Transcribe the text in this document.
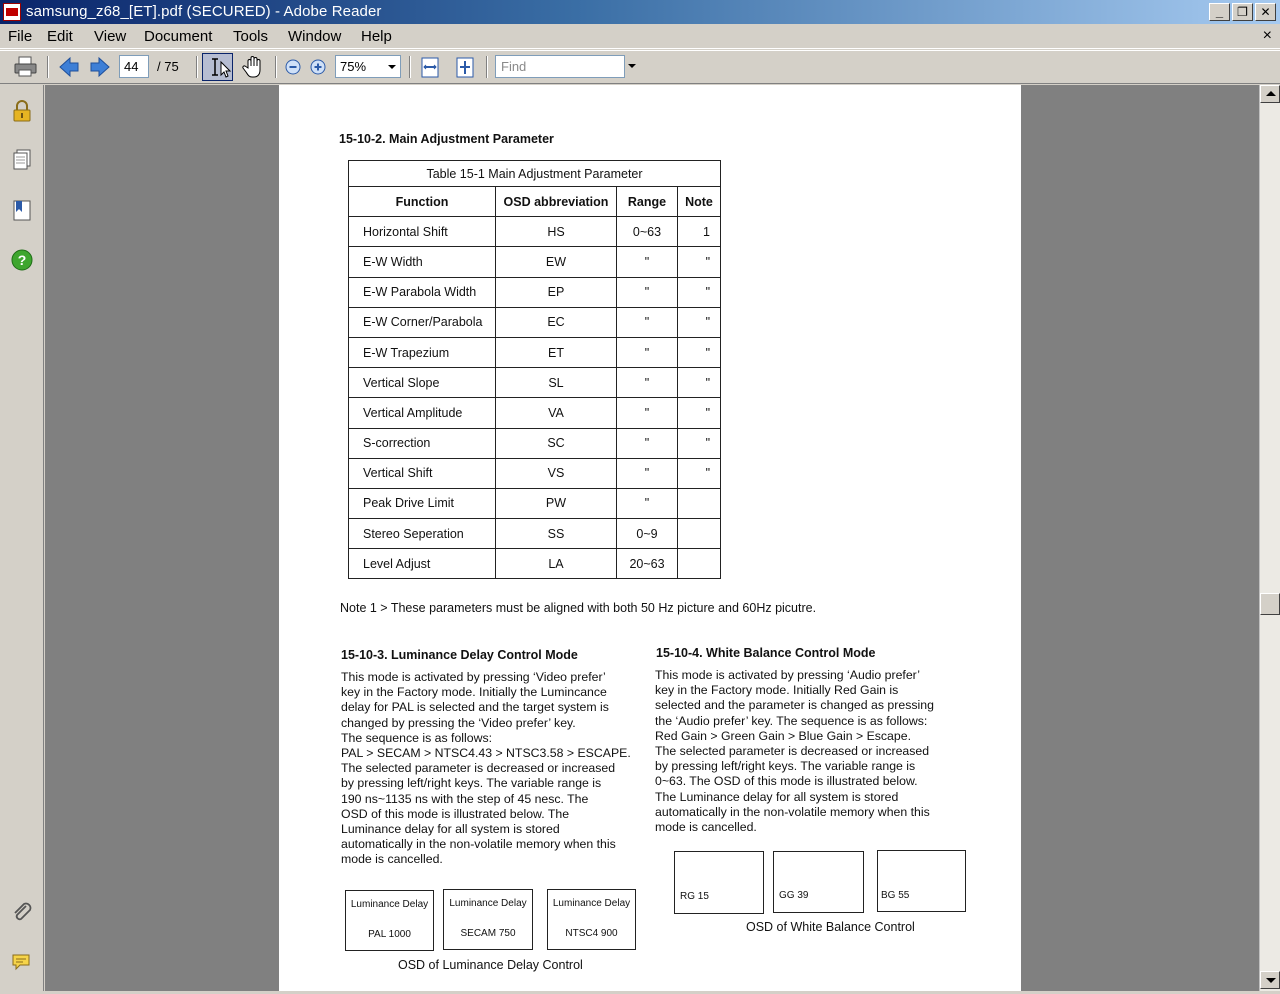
samsung_z68_[ET].pdf (SECURED) - Adobe Reader	_	❐	✕
File Edit View Document Tools Window Help	×
44	/ 75	75%	Find
?
15-10-2. Main Adjustment Parameter
Table 15-1 Main Adjustment Parameter			
Function	OSD abbreviation	Range	Note
Horizontal Shift	HS	0~63	1
E-W Width	EW	"	"
E-W Parabola Width	EP	"	"
E-W Corner/Parabola	EC	"	"
E-W Trapezium	ET	"	"
Vertical Slope	SL	"	"
Vertical Amplitude	VA	"	"
S-correction	SC	"	"
Vertical Shift	VS	"	"
Peak Drive Limit	PW	"	
Stereo Seperation	SS	0~9	
Level Adjust	LA	20~63	
Note 1 > These parameters must be aligned with both 50 Hz picture and 60Hz picutre.
15-10-3. Luminance Delay Control Mode
This mode is activated by pressing ‘Video prefer’
key in the Factory mode. Initially the Lumincance
delay for PAL is selected and the target system is
changed by pressing the ‘Video prefer’ key.
The sequence is as follows:
PAL > SECAM > NTSC4.43 > NTSC3.58 > ESCAPE.
The selected parameter is decreased or increased
by pressing left/right keys. The variable range is
190 ns~1135 ns with the step of 45 nesc. The
OSD of this mode is illustrated below. The
Luminance delay for all system is stored
automatically in the non-volatile memory when this
mode is cancelled.
Luminance Delay
PAL 1000
Luminance Delay
SECAM 750
Luminance Delay
NTSC4 900
OSD of Luminance Delay Control
15-10-4. White Balance Control Mode
This mode is activated by pressing ‘Audio prefer’
key in the Factory mode. Initially Red Gain is
selected and the parameter is changed as pressing
the ‘Audio prefer’ key. The sequence is as follows:
Red Gain > Green Gain > Blue Gain > Escape.
The selected parameter is decreased or increased
by pressing left/right keys. The variable range is
0~63. The OSD of this mode is illustrated below.
The Luminance delay for all system is stored
automatically in the non-volatile memory when this
mode is cancelled.
RG 15	GG 39	BG 55
OSD of White Balance Control
